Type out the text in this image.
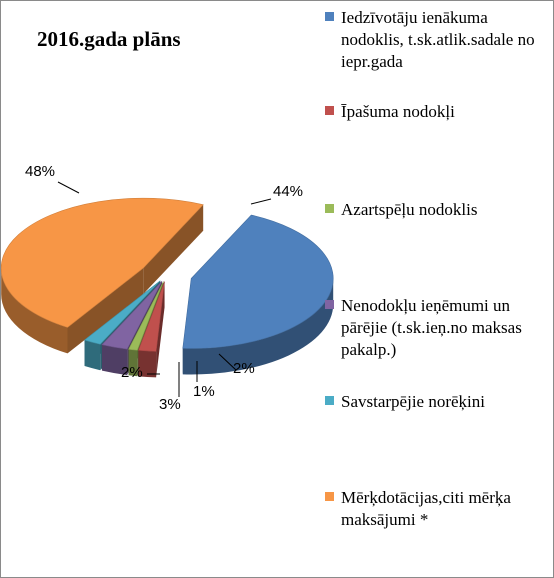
2016.gada plāns
44%
2%
1%
3%
2%
48%
Iedzīvotāju ienākuma nodoklis, t.sk.atlik.sadale no iepr.gada
Īpašuma nodokļi
Azartspēļu nodoklis
Nenodokļu ieņēmumi un pārējie (t.sk.ieņ.no maksas pakalp.)
Savstarpējie norēķini
Mērķdotācijas,citi mērķa maksājumi *
